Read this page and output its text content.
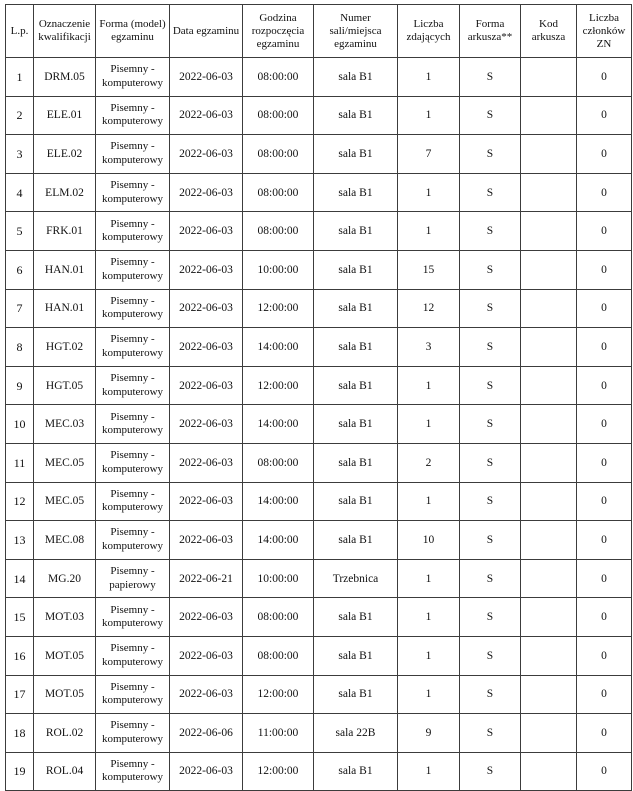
L.p.	Oznaczenie kwalifikacji	Forma (model) egzaminu	Data egzaminu	Godzina rozpoczęcia egzaminu	Numer sali/miejsca egzaminu	Liczba zdających	Forma arkusza**	Kod arkusza	Liczba członków ZN
1	DRM.05	Pisemny -
komputerowy	2022-06-03	08:00:00	sala B1	1	S		0
2	ELE.01	Pisemny -
komputerowy	2022-06-03	08:00:00	sala B1	1	S		0
3	ELE.02	Pisemny -
komputerowy	2022-06-03	08:00:00	sala B1	7	S		0
4	ELM.02	Pisemny -
komputerowy	2022-06-03	08:00:00	sala B1	1	S		0
5	FRK.01	Pisemny -
komputerowy	2022-06-03	08:00:00	sala B1	1	S		0
6	HAN.01	Pisemny -
komputerowy	2022-06-03	10:00:00	sala B1	15	S		0
7	HAN.01	Pisemny -
komputerowy	2022-06-03	12:00:00	sala B1	12	S		0
8	HGT.02	Pisemny -
komputerowy	2022-06-03	14:00:00	sala B1	3	S		0
9	HGT.05	Pisemny -
komputerowy	2022-06-03	12:00:00	sala B1	1	S		0
10	MEC.03	Pisemny -
komputerowy	2022-06-03	14:00:00	sala B1	1	S		0
11	MEC.05	Pisemny -
komputerowy	2022-06-03	08:00:00	sala B1	2	S		0
12	MEC.05	Pisemny -
komputerowy	2022-06-03	14:00:00	sala B1	1	S		0
13	MEC.08	Pisemny -
komputerowy	2022-06-03	14:00:00	sala B1	10	S		0
14	MG.20	Pisemny -
papierowy	2022-06-21	10:00:00	Trzebnica	1	S		0
15	MOT.03	Pisemny -
komputerowy	2022-06-03	08:00:00	sala B1	1	S		0
16	MOT.05	Pisemny -
komputerowy	2022-06-03	08:00:00	sala B1	1	S		0
17	MOT.05	Pisemny -
komputerowy	2022-06-03	12:00:00	sala B1	1	S		0
18	ROL.02	Pisemny -
komputerowy	2022-06-06	11:00:00	sala 22B	9	S		0
19	ROL.04	Pisemny -
komputerowy	2022-06-03	12:00:00	sala B1	1	S		0
